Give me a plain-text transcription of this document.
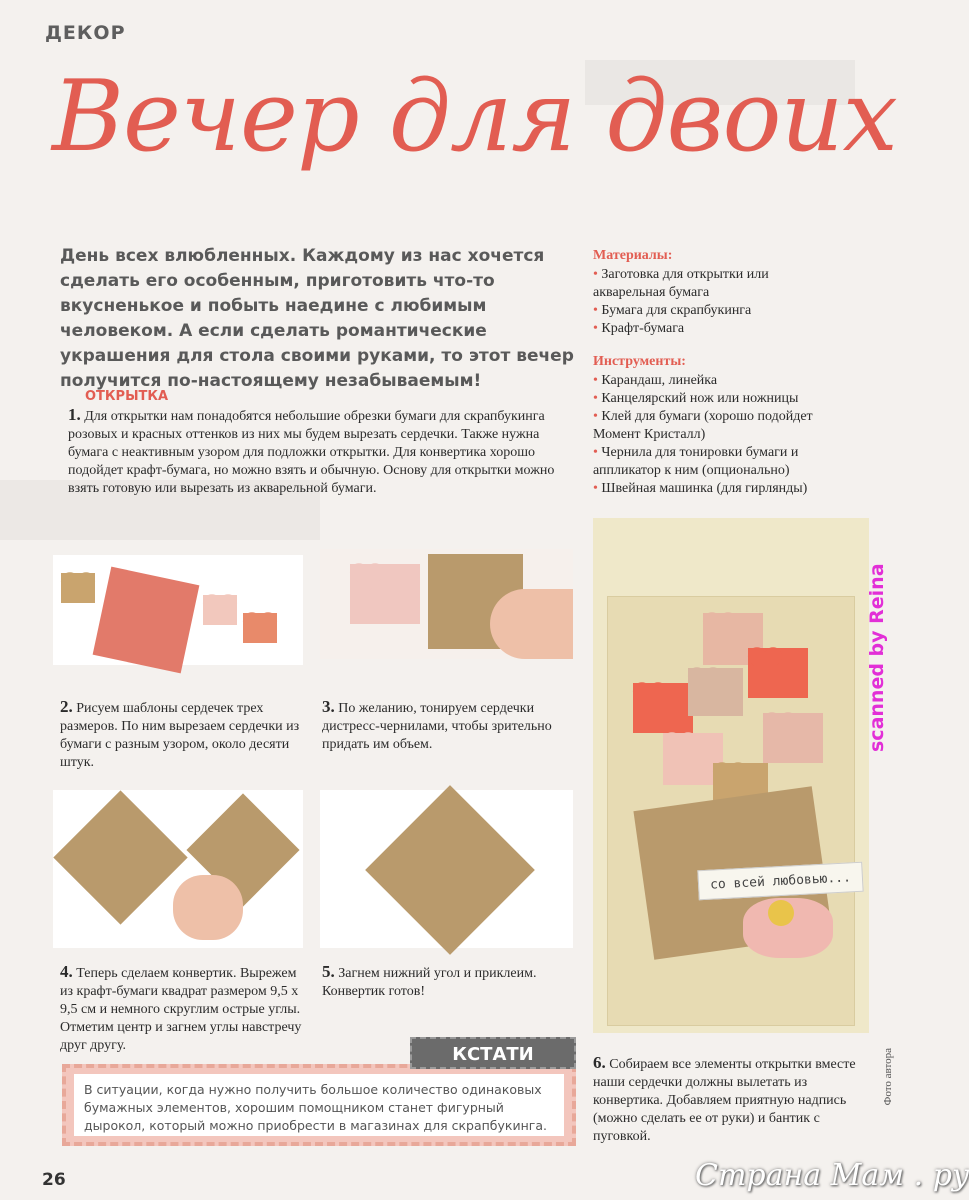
ДЕКОР
Вечер для двоих
День всех влюбленных. Каждому из нас хочется сделать его особенным, приготовить что-то вкусненькое и побыть наедине с любимым человеком. А если сделать романтические украшения для стола своими руками, то этот вечер получится по-настоящему незабываемым!
Материалы:
• Заготовка для открытки или акварельная бумага
• Бумага для скрапбукинга
• Крафт-бумага
Инструменты:
• Карандаш, линейка
• Канцелярский нож или ножницы
• Клей для бумаги (хорошо подойдет Момент Кристалл)
• Чернила для тонировки бумаги и аппликатор к ним (опционально)
• Швейная машинка (для гирлянды)
ОТКРЫТКА
1. Для открытки нам понадобятся небольшие обрезки бумаги для скрапбукинга розовых и красных оттенков из них мы будем вырезать сердечки. Также нужна бумага с неактивным узором для подложки открытки. Для конвертика хорошо подойдет крафт-бумага, но можно взять и обычную. Основу для открытки можно взять готовую или вырезать из акварельной бумаги.
2. Рисуем шаблоны сердечек трех размеров. По ним вырезаем сердечки из бумаги с разным узором, около десяти штук.
3. По желанию, тонируем сердечки дистресс-чернилами, чтобы зрительно придать им объем.
4. Теперь сделаем конвертик. Вырежем из крафт-бумаги квадрат размером 9,5 х 9,5 см и немного скруглим острые углы. Отметим центр и загнем углы навстречу друг другу.
5. Загнем нижний угол и приклеим. Конвертик готов!
со всей любовью...
scanned by Reina
Фото автора
6. Собираем все элементы открытки вместе наши сердечки должны вылетать из конвертика. Добавляем приятную надпись (можно сделать ее от руки) и бантик с пуговкой.
В ситуации, когда нужно получить большое количество одинаковых бумажных элементов, хорошим помощником станет фигурный дырокол, который можно приобрести в магазинах для скрапбукинга.
КСТАТИ
26	Страна Мам . ру
